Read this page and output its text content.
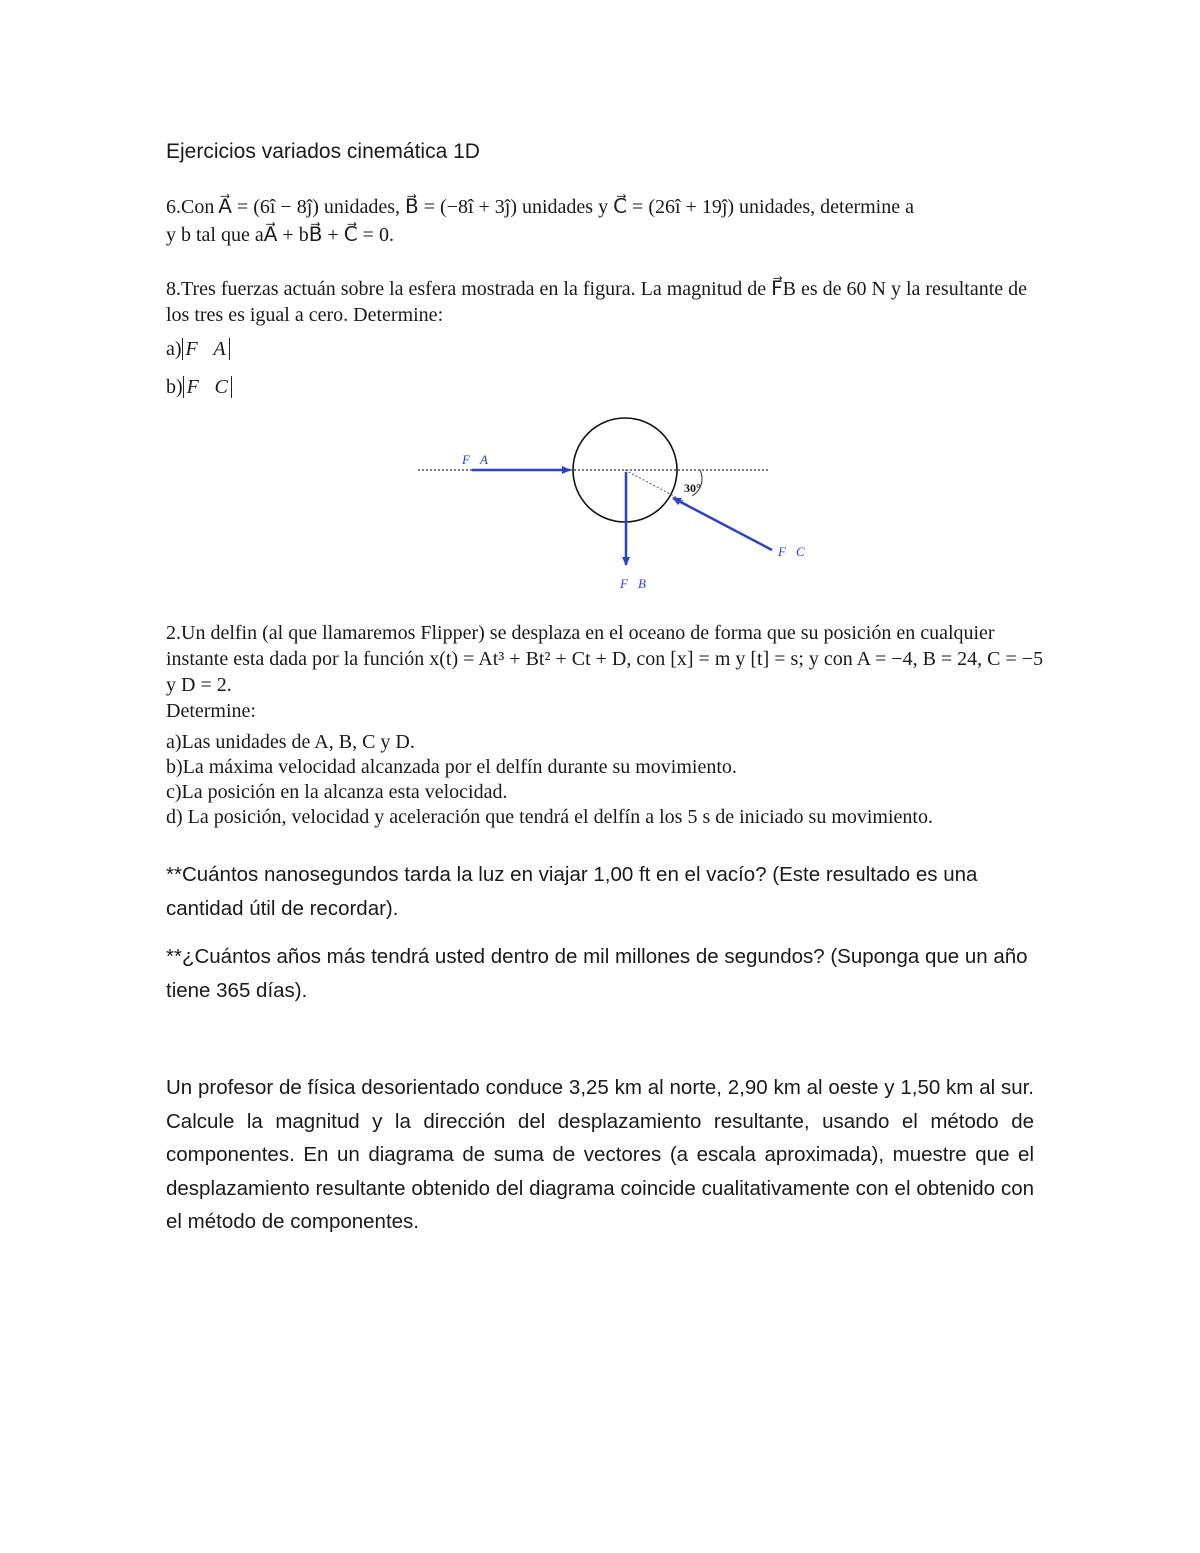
Ejercicios variados cinemática 1D
6.Con A⃗ = (6î − 8ĵ) unidades, B⃗ = (−8î + 3ĵ) unidades y C⃗ = (26î + 19ĵ) unidades, determine a
y b tal que aA⃗ + bB⃗ + C⃗ = 0.
8.Tres fuerzas actuán sobre la esfera mostrada en la figura. La magnitud de F⃗B es de 60 N y la resultante de los tres es igual a cero. Determine:
a) F⃗A
b) F⃗C
F⃗A
F⃗B
F⃗C
30°
2.Un delfin (al que llamaremos Flipper) se desplaza en el oceano de forma que su posición en cualquier instante esta dada por la función x(t) = At³ + Bt² + Ct + D, con [x] = m y [t] = s; y con A = −4, B = 24, C = −5 y D = 2.
Determine:
a)Las unidades de A, B, C y D.
b)La máxima velocidad alcanzada por el delfín durante su movimiento.
c)La posición en la alcanza esta velocidad.
d) La posición, velocidad y aceleración que tendrá el delfín a los 5 s de iniciado su movimiento.
**Cuántos nanosegundos tarda la luz en viajar 1,00 ft en el vacío? (Este resultado es una cantidad útil de recordar).
**¿Cuántos años más tendrá usted dentro de mil millones de segundos? (Suponga que un año tiene 365 días).
Un profesor de física desorientado conduce 3,25 km al norte, 2,90 km al oeste y 1,50 km al sur. Calcule la magnitud y la dirección del desplazamiento resultante, usando el método de componentes. En un diagrama de suma de vectores (a escala aproximada), muestre que el desplazamiento resultante obtenido del diagrama coincide cualitativamente con el obtenido con el método de componentes.
